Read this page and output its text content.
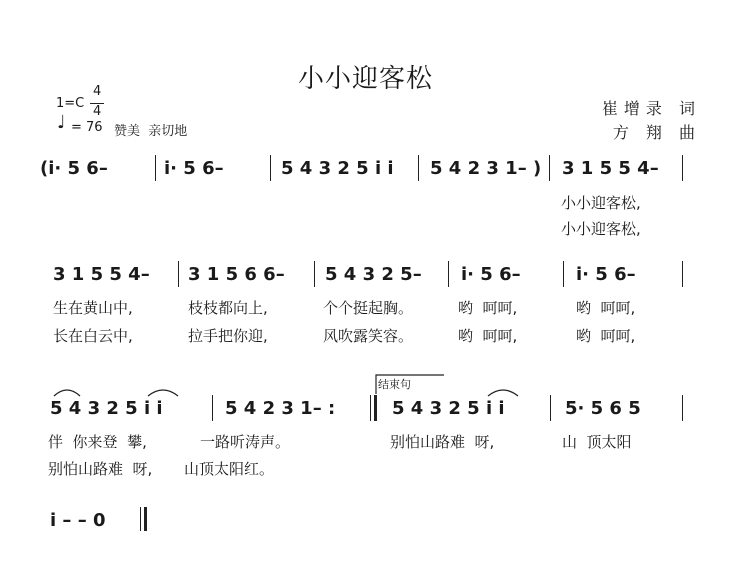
小小迎客松
崔增录 词
方 翔 曲
1=C
4
4
♩ = 76 赞美  亲切地
(i· 5 6–	i· 5 6–	5 4 3 2 5 i i 5 4 2 3 1– ) 3 1 5 5 4–
小小迎客松,
小小迎客松,
3 1 5 5 4– 3 1 5 6 6– 5 4 3 2 5– i· 5 6–	i· 5 6–
生在黄山中,	枝枝都向上,	个个挺起胸。	哟  呵呵,	哟  呵呵,
长在白云中,	拉手把你迎,	风吹露笑容。	哟  呵呵,	哟  呵呵,
5 4 3 2 5 i i	5 4 2 3 1– :
结束句
5 4 3 2 5 i i	5· 5 6 5
伴  你来登  攀,	一路听涛声。	别怕山路难  呀,	山  顶太阳
别怕山路难  呀, 山顶太阳红。
i – – 0
